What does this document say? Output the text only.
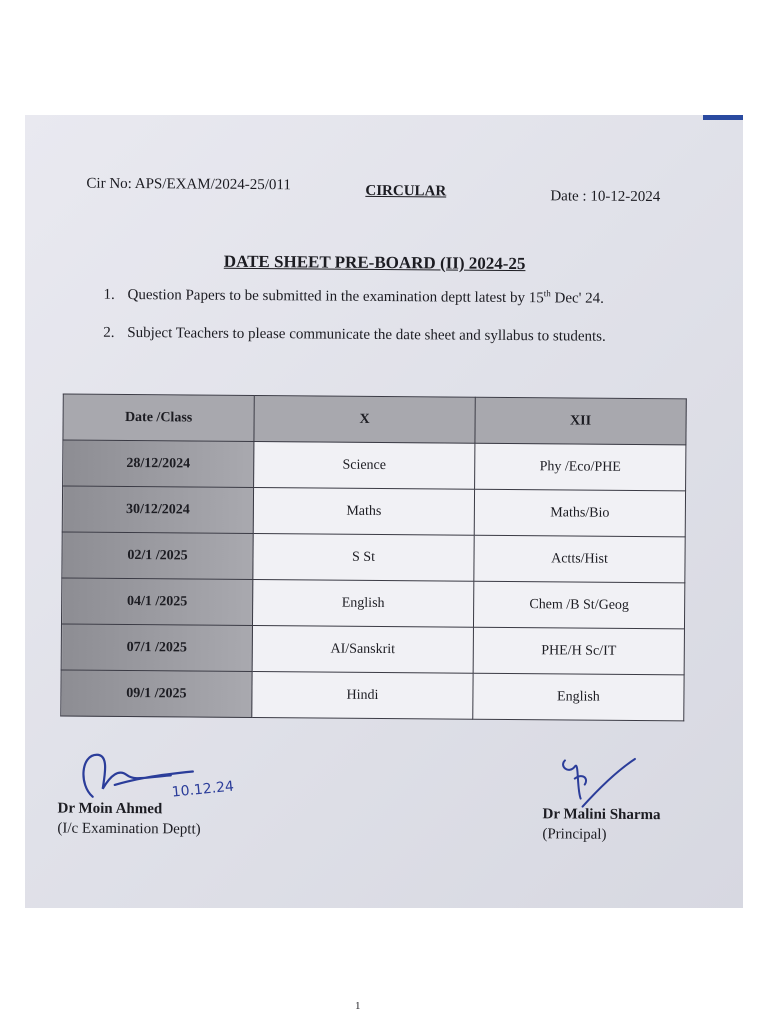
Cir No: APS/EXAM/2024-25/011	CIRCULAR	Date : 10-12-2024
DATE SHEET PRE-BOARD (II) 2024-25
1. Question Papers to be submitted in the examination deptt latest by 15th Dec' 24.
2. Subject Teachers to please communicate the date sheet and syllabus to students.
Date /Class	X	XII
28/12/2024	Science	Phy /Eco/PHE
30/12/2024	Maths	Maths/Bio
02/1 /2025	S St	Actts/Hist
04/1 /2025	English	Chem /B St/Geog
07/1 /2025	AI/Sanskrit	PHE/H Sc/IT
09/1 /2025	Hindi	English
10.12.24
Dr Moin Ahmed
(I/c Examination Deptt)
Dr Malini Sharma
(Principal)
1
